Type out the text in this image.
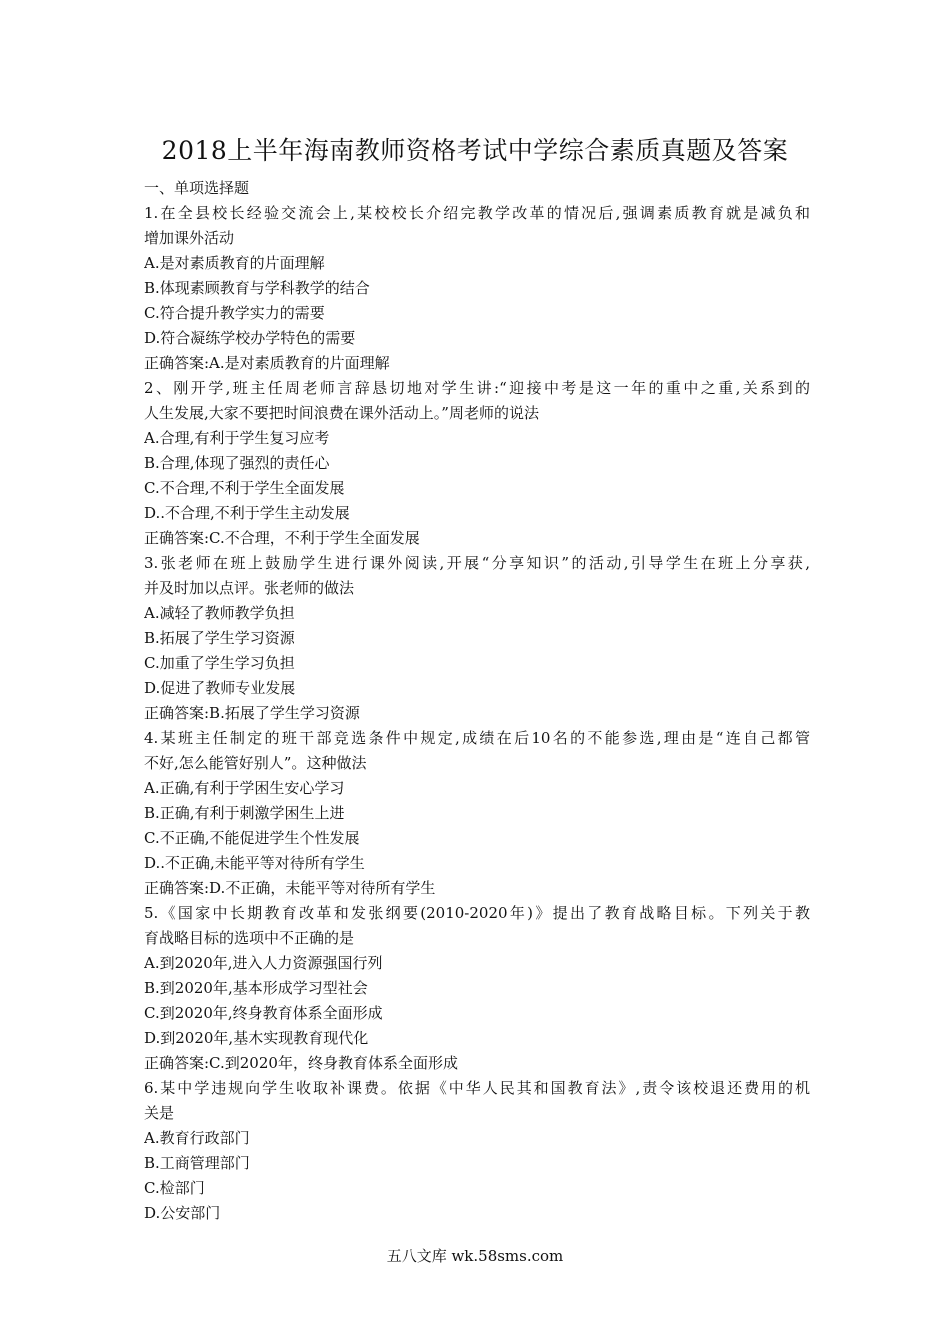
2018上半年海南教师资格考试中学综合素质真题及答案
一、单项选择题
1.在全县校长经验交流会上,某校校长介绍完教学改革的情况后,强调素质教育就是减负和
增加课外活动
A.是对素质教育的片面理解
B.体现素顾教育与学科教学的结合
C.符合提升教学实力的需要
D.符合凝练学校办学特色的需要
正确答案:A.是对素质教育的片面理解
2、刚开学,班主任周老师言辞恳切地对学生讲:“迎接中考是这一年的重中之重,关系到的
人生发展,大家不要把时间浪费在课外活动上。”周老师的说法
A.合理,有利于学生复习应考
B.合理,体现了强烈的责任心
C.不合理,不利于学生全面发展
D..不合理,不利于学生主动发展
正确答案:C.不合理，不利于学生全面发展
3.张老师在班上鼓励学生进行课外阅读,开展“分享知识”的活动,引导学生在班上分享获,
并及时加以点评。张老师的做法
A.减轻了教师教学负担
B.拓展了学生学习资源
C.加重了学生学习负担
D.促进了教师专业发展
正确答案:B.拓展了学生学习资源
4.某班主任制定的班干部竞选条件中规定,成绩在后10名的不能参选,理由是“连自己都管
不好,怎么能管好别人”。这种做法
A.正确,有利于学困生安心学习
B.正确,有利于刺激学困生上进
C.不正确,不能促进学生个性发展
D..不正确,未能平等对待所有学生
正确答案:D.不正确，未能平等对待所有学生
5.《国家中长期教育改革和发张纲要(2010-2020年)》提出了教育战略目标。下列关于教
育战略目标的选项中不正确的是
A.到2020年,进入人力资源强国行列
B.到2020年,基本形成学习型社会
C.到2020年,终身教育体系全面形成
D.到2020年,基木实现教育现代化
正确答案:C.到2020年，终身教育体系全面形成
6.某中学违规向学生收取补课费。依据《中华人民其和国教育法》,责令该校退还费用的机
关是
A.教育行政部门
B.工商管理部门
C.检部门
D.公安部门
五八文库 wk.58sms.com
